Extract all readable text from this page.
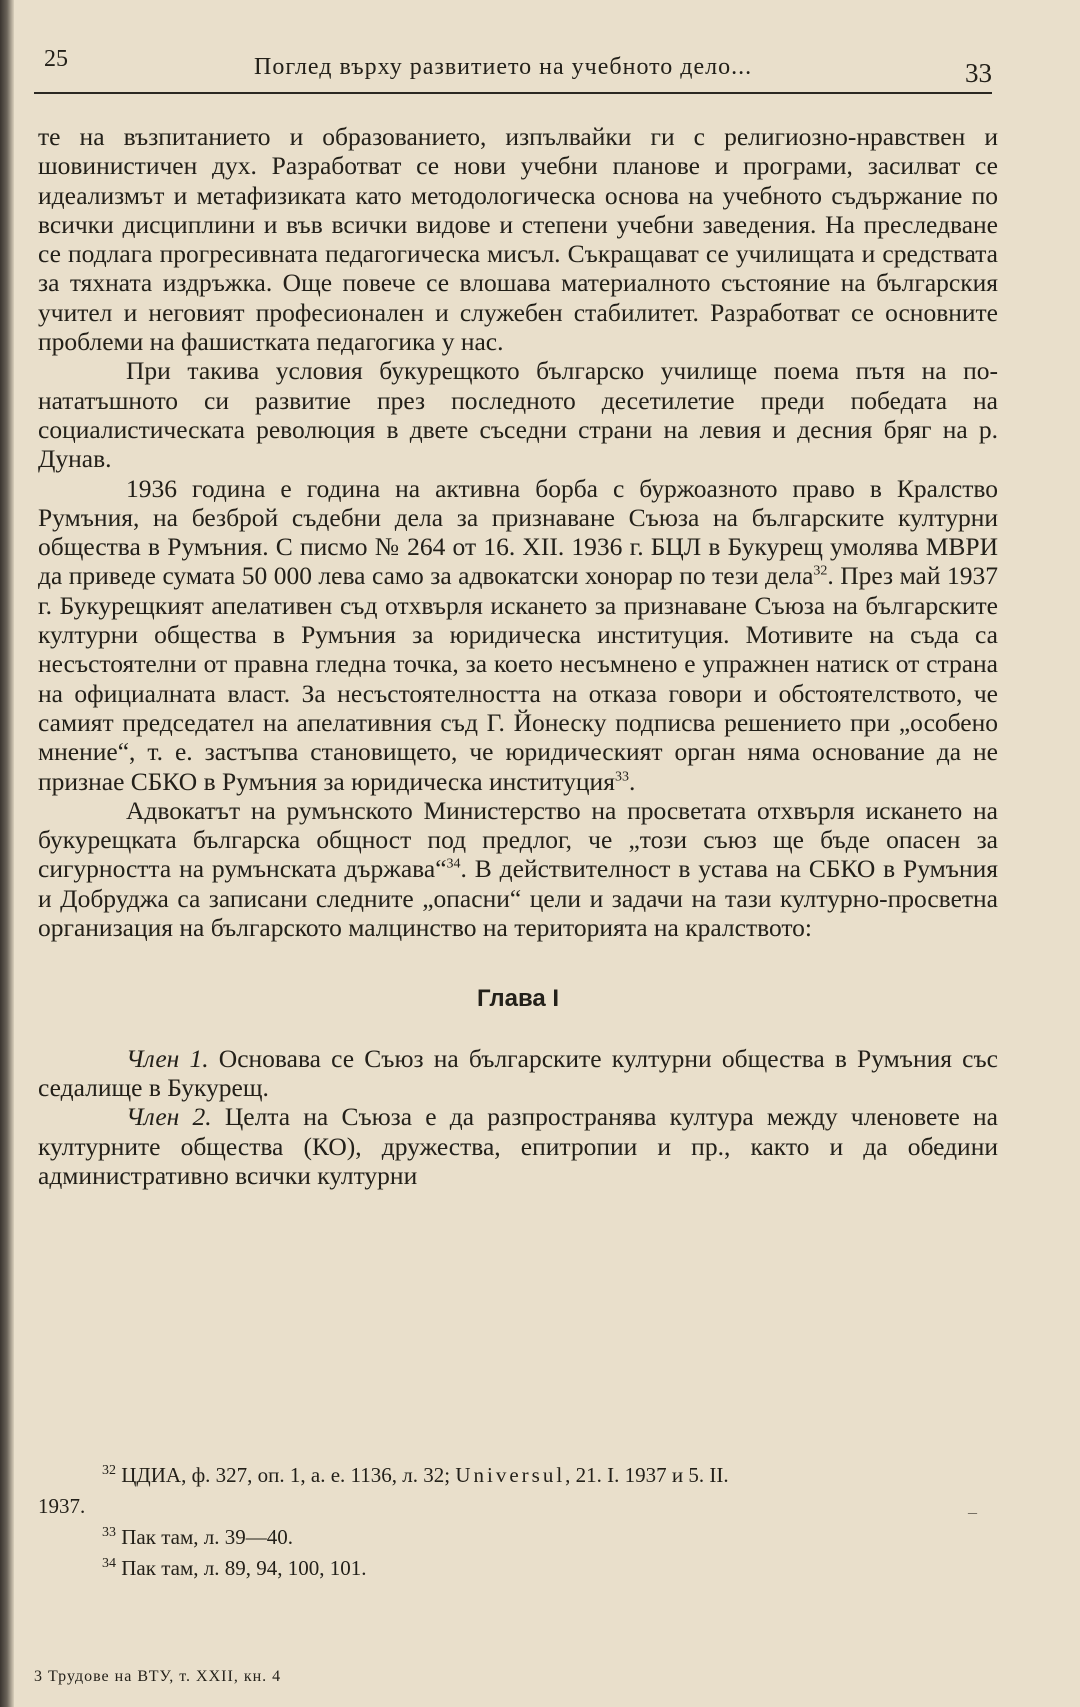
25	Поглед върху развитието на учебното дело...	33

те на възпитанието и образованието, изпълвайки ги с религиозно-нравствен и шовинистичен дух. Разработват се нови учебни планове и програми, засилват се идеализмът и метафизиката като методологическа основа на учебното съдържание по всички дисциплини и във всички видове и степени учебни заведения. На преследване се подлага прогресивната педагогическа мисъл. Съкращават се училищата и средствата за тяхната издръжка. Още повече се влошава материалното състояние на българския учител и неговият професионален и служебен стабилитет. Разработват се основните проблеми на фашистката педагогика у нас.

При такива условия букурещкото българско училище поема пътя на по-нататъшното си развитие през последното десетилетие преди победата на социалистическата революция в двете съседни страни на левия и десния бряг на р. Дунав.

1936 година е година на активна борба с буржоазното право в Кралство Румъния, на безброй съдебни дела за признаване Съюза на българските културни общества в Румъния. С писмо № 264 от 16. XII. 1936 г. БЦЛ в Букурещ умолява МВРИ да приведе сумата 50 000 лева само за адвокатски хонорар по тези дела$^{32}$. През май 1937 г. Букурещкият апелативен съд отхвърля искането за признаване Съюза на българските културни общества в Румъния за юридическа институция. Мотивите на съда са несъстоятелни от правна гледна точка, за което несъмнено е упражнен натиск от страна на официалната власт. За несъстоятелността на отказа говори и обстоятелството, че самият председател на апелативния съд Г. Йонеску подписва решението при „особено мнение“, т. е. застъпва становището, че юридическият орган няма основание да не признае СБКО в Румъния за юридическа институция$^{33}$.

Адвокатът на румънското Министерство на просветата отхвърля искането на букурещката българска общност под предлог, че „този съюз ще бъде опасен за сигурността на румънската държава“$^{34}$. В действителност в устава на СБКО в Румъния и Добруджа са записани следните „опасни“ цели и задачи на тази културно-просветна организация на българското малцинство на територията на кралството:

Глава I

Член 1. Основава се Съюз на българските културни общества в Румъния със седалище в Букурещ.

Член 2. Целта на Съюза е да разпространява култура между членовете на културните общества (КО), дружества, епитропии и пр., както и да обедини административно всички културни

$^{32}$ ЦДИА, ф. 327, оп. 1, а. е. 1136, л. 32; Universul, 21. I. 1937 и 5. II.

1937.

$^{33}$ Пак там, л. 39—40.

$^{34}$ Пак там, л. 89, 94, 100, 101.

–
3 Трудове на ВТУ, т. XXII, кн. 4
